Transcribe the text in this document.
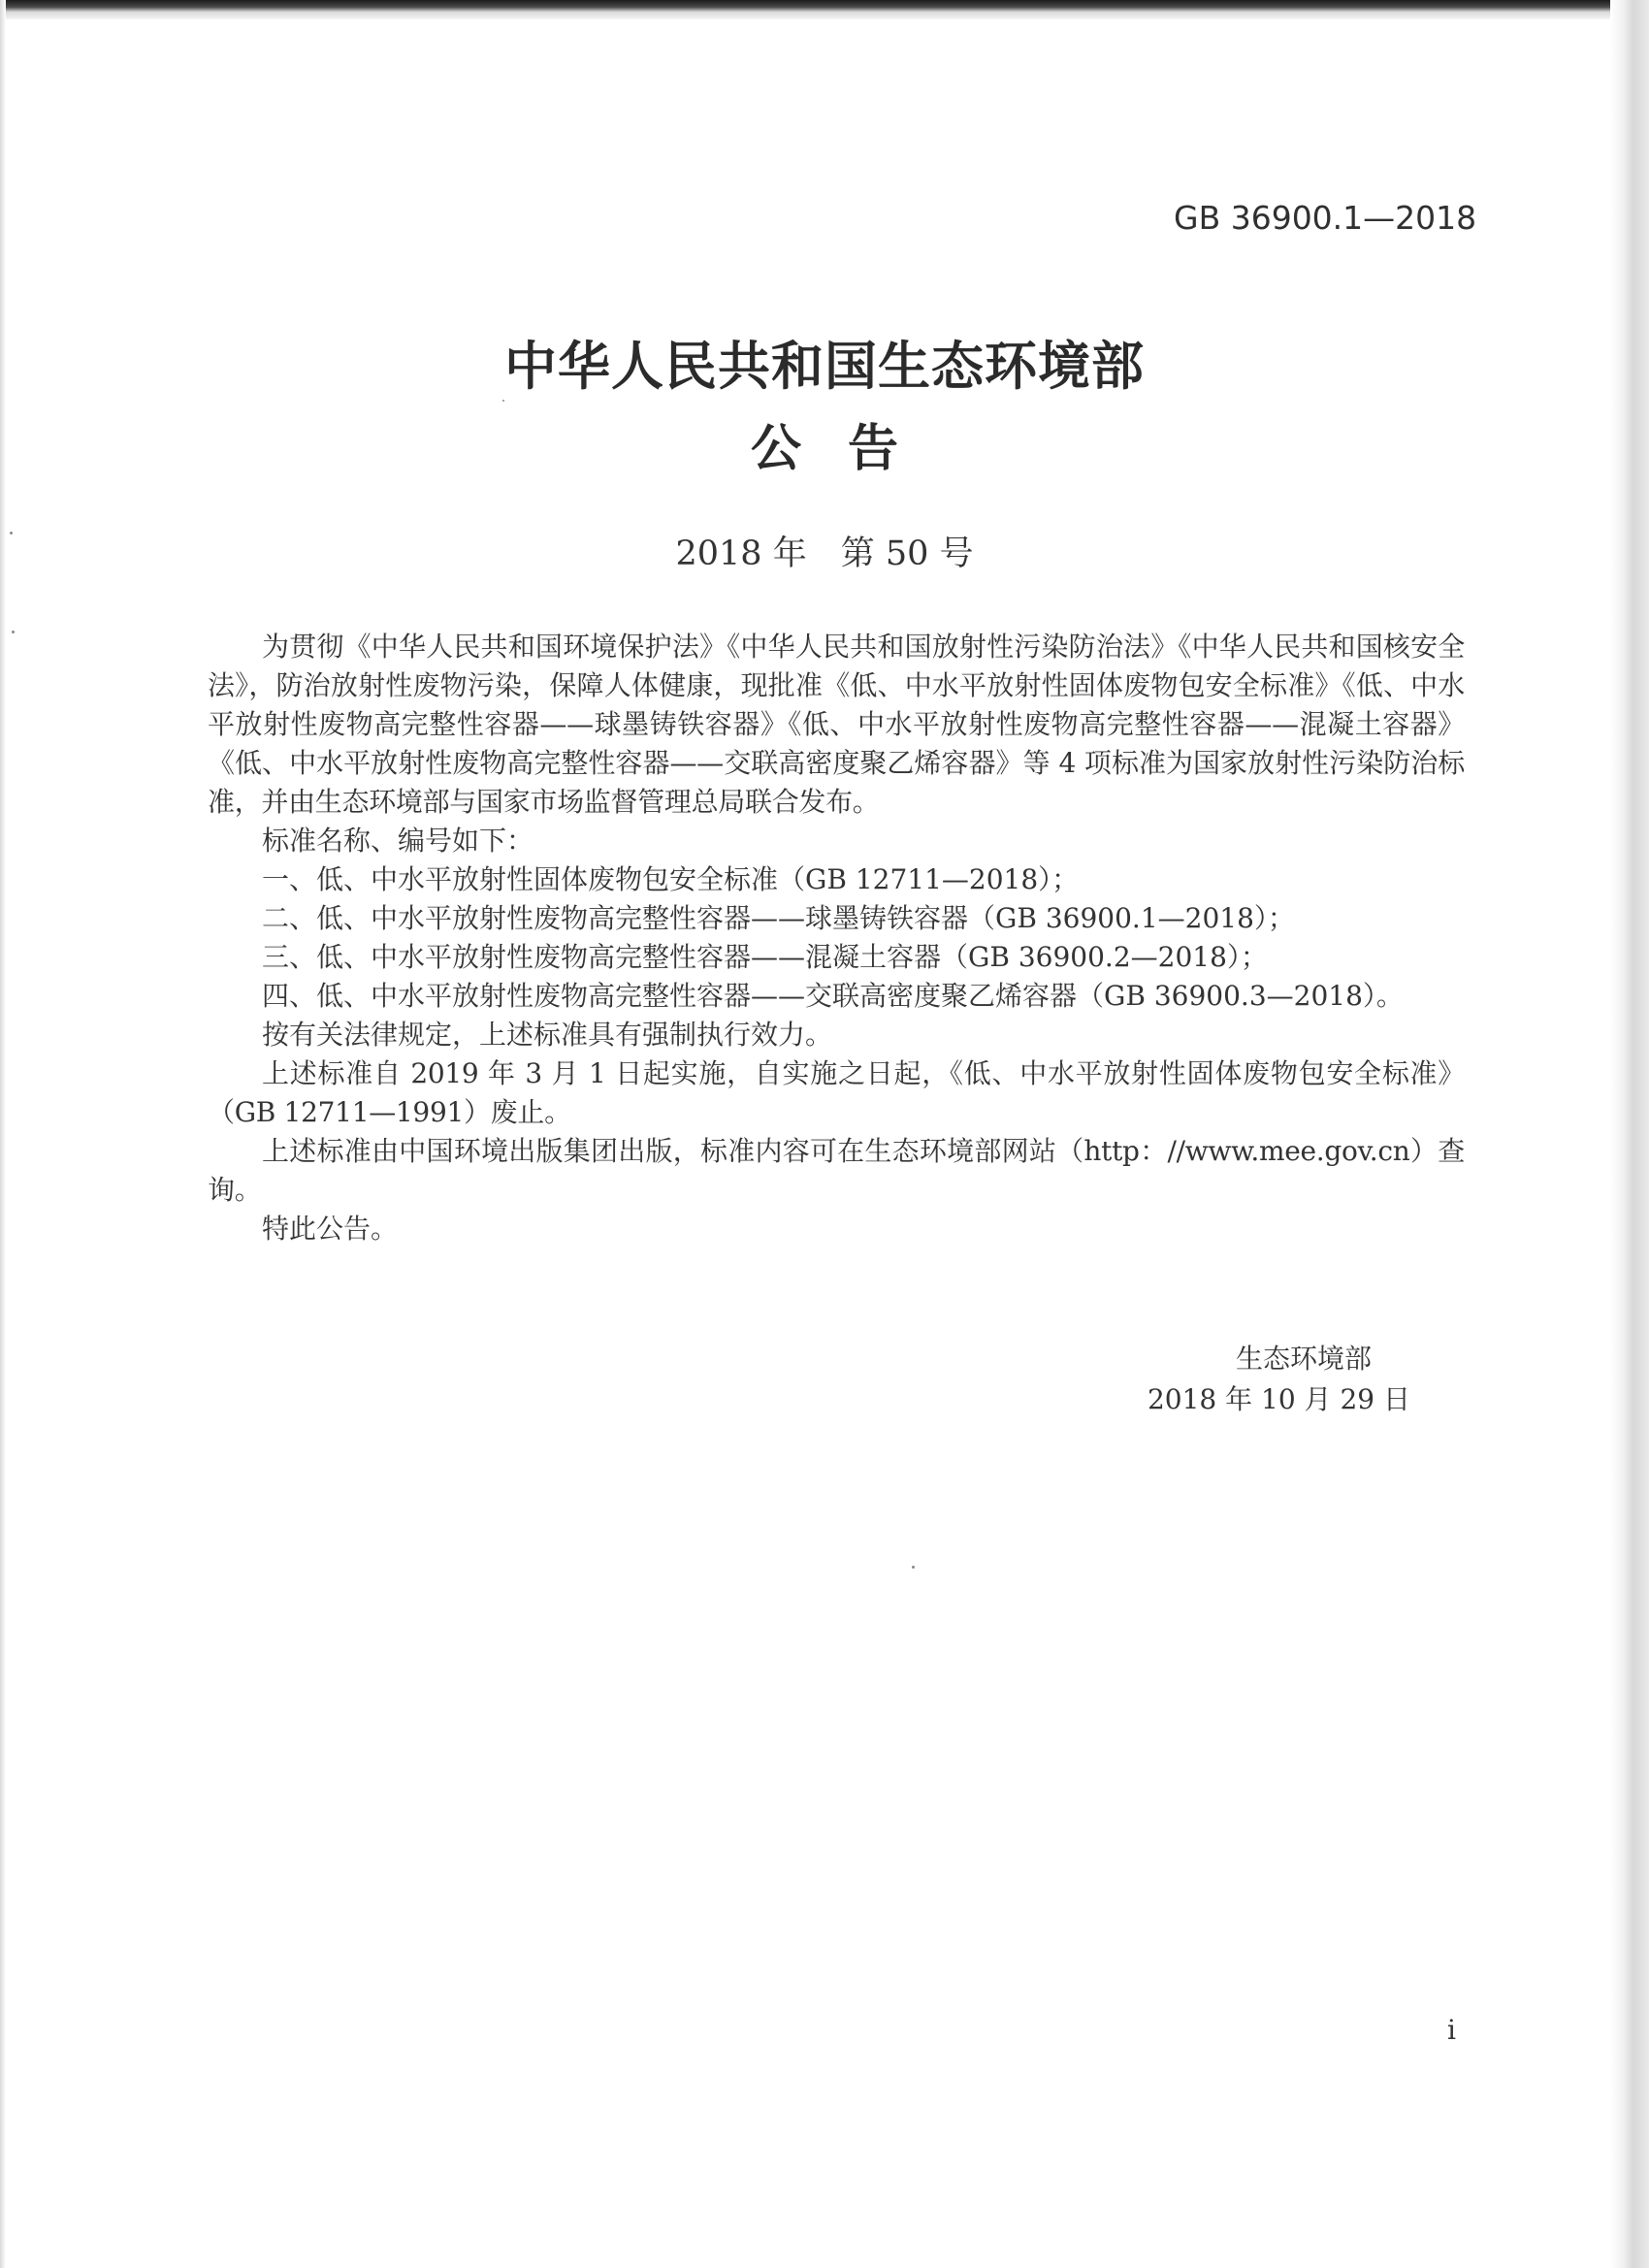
GB 36900.1—2018
中华人民共和国生态环境部
公告
2018 年　第 50 号

为贯彻《中华人民共和国环境保护法》《中华人民共和国放射性污染防治法》《中华人民共和国核安全法》，防治放射性废物污染，保障人体健康，现批准《低、中水平放射性固体废物包安全标准》《低、中水平放射性废物高完整性容器——球墨铸铁容器》《低、中水平放射性废物高完整性容器——混凝土容器》《低、中水平放射性废物高完整性容器——交联高密度聚乙烯容器》等 4 项标准为国家放射性污染防治标准，并由生态环境部与国家市场监督管理总局联合发布。

标准名称、编号如下：

一、低、中水平放射性固体废物包安全标准（GB 12711—2018）；

二、低、中水平放射性废物高完整性容器——球墨铸铁容器（GB 36900.1—2018）；

三、低、中水平放射性废物高完整性容器——混凝土容器（GB 36900.2—2018）；

四、低、中水平放射性废物高完整性容器——交联高密度聚乙烯容器（GB 36900.3—2018）。

按有关法律规定，上述标准具有强制执行效力。

上述标准自 2019 年 3 月 1 日起实施，自实施之日起，《低、中水平放射性固体废物包安全标准》（GB 12711—1991）废止。

上述标准由中国环境出版集团出版，标准内容可在生态环境部网站（http：//www.mee.gov.cn）查询。

特此公告。

生态环境部
2018 年 10 月 29 日
i
